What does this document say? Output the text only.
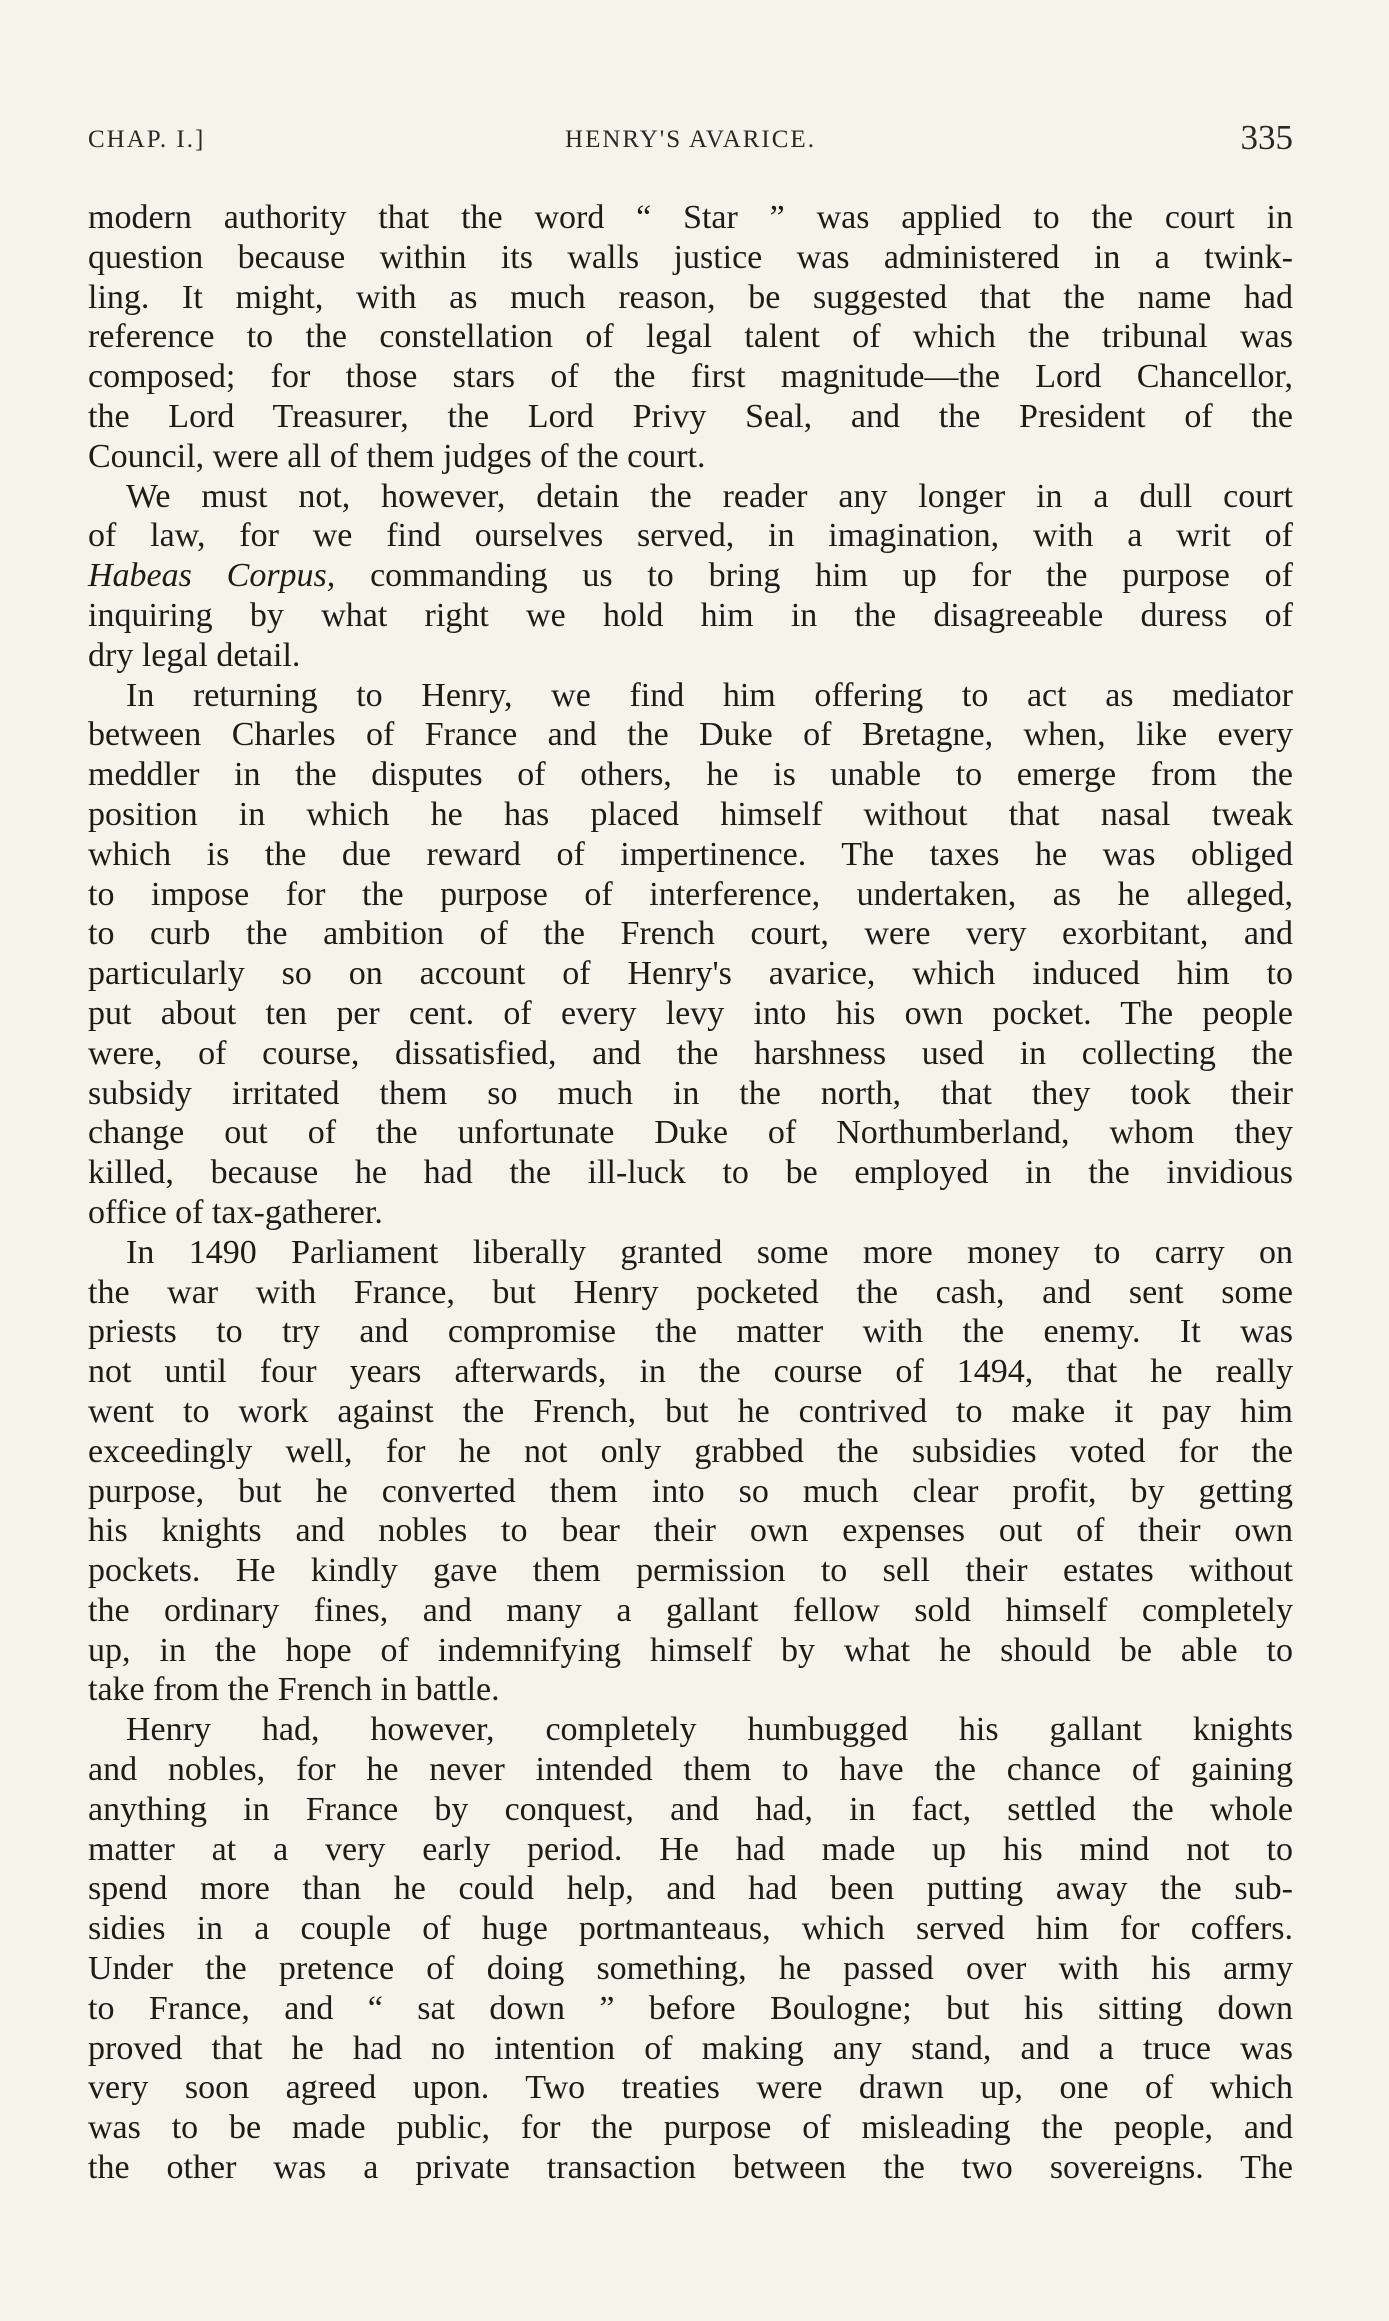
CHAP. I.]	HENRY'S AVARICE.	335
modern authority that the word “ Star ” was applied to the court in
question because within its walls justice was administered in a twink-
ling. It might, with as much reason, be suggested that the name had
reference to the constellation of legal talent of which the tribunal was
composed; for those stars of the first magnitude—the Lord Chancellor,
the Lord Treasurer, the Lord Privy Seal, and the President of the
Council, were all of them judges of the court.
We must not, however, detain the reader any longer in a dull court
of law, for we find ourselves served, in imagination, with a writ of
Habeas Corpus, commanding us to bring him up for the purpose of
inquiring by what right we hold him in the disagreeable duress of
dry legal detail.
In returning to Henry, we find him offering to act as mediator
between Charles of France and the Duke of Bretagne, when, like every
meddler in the disputes of others, he is unable to emerge from the
position in which he has placed himself without that nasal tweak
which is the due reward of impertinence. The taxes he was obliged
to impose for the purpose of interference, undertaken, as he alleged,
to curb the ambition of the French court, were very exorbitant, and
particularly so on account of Henry's avarice, which induced him to
put about ten per cent. of every levy into his own pocket. The people
were, of course, dissatisfied, and the harshness used in collecting the
subsidy irritated them so much in the north, that they took their
change out of the unfortunate Duke of Northumberland, whom they
killed, because he had the ill-luck to be employed in the invidious
office of tax-gatherer.
In 1490 Parliament liberally granted some more money to carry on
the war with France, but Henry pocketed the cash, and sent some
priests to try and compromise the matter with the enemy. It was
not until four years afterwards, in the course of 1494, that he really
went to work against the French, but he contrived to make it pay him
exceedingly well, for he not only grabbed the subsidies voted for the
purpose, but he converted them into so much clear profit, by getting
his knights and nobles to bear their own expenses out of their own
pockets. He kindly gave them permission to sell their estates without
the ordinary fines, and many a gallant fellow sold himself completely
up, in the hope of indemnifying himself by what he should be able to
take from the French in battle.
Henry had, however, completely humbugged his gallant knights
and nobles, for he never intended them to have the chance of gaining
anything in France by conquest, and had, in fact, settled the whole
matter at a very early period. He had made up his mind not to
spend more than he could help, and had been putting away the sub-
sidies in a couple of huge portmanteaus, which served him for coffers.
Under the pretence of doing something, he passed over with his army
to France, and “ sat down ” before Boulogne; but his sitting down
proved that he had no intention of making any stand, and a truce was
very soon agreed upon. Two treaties were drawn up, one of which
was to be made public, for the purpose of misleading the people, and
the other was a private transaction between the two sovereigns. The
